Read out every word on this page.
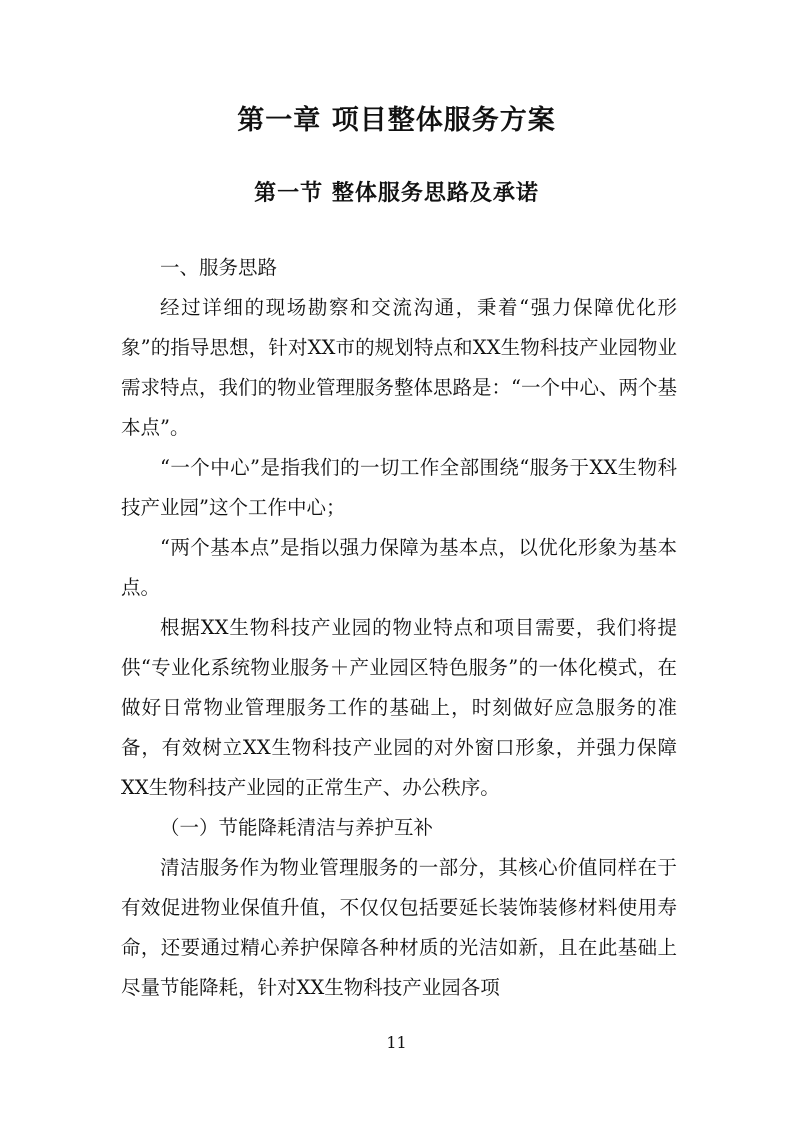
第一章 项目整体服务方案
第一节 整体服务思路及承诺

一、服务思路

经过详细的现场勘察和交流沟通，秉着“强力保障优化形象”的指导思想，针对XX市的规划特点和XX生物科技产业园物业需求特点，我们的物业管理服务整体思路是：“一个中心、两个基本点”。

“一个中心”是指我们的一切工作全部围绕“服务于XX生物科技产业园”这个工作中心；

“两个基本点”是指以强力保障为基本点，以优化形象为基本点。

根据XX生物科技产业园的物业特点和项目需要，我们将提供“专业化系统物业服务＋产业园区特色服务”的一体化模式，在做好日常物业管理服务工作的基础上，时刻做好应急服务的准备，有效树立XX生物科技产业园的对外窗口形象，并强力保障XX生物科技产业园的正常生产、办公秩序。

（一）节能降耗清洁与养护互补

清洁服务作为物业管理服务的一部分，其核心价值同样在于有效促进物业保值升值，不仅仅包括要延长装饰装修材料使用寿命，还要通过精心养护保障各种材质的光洁如新，且在此基础上尽量节能降耗，针对XX生物科技产业园各项

11
